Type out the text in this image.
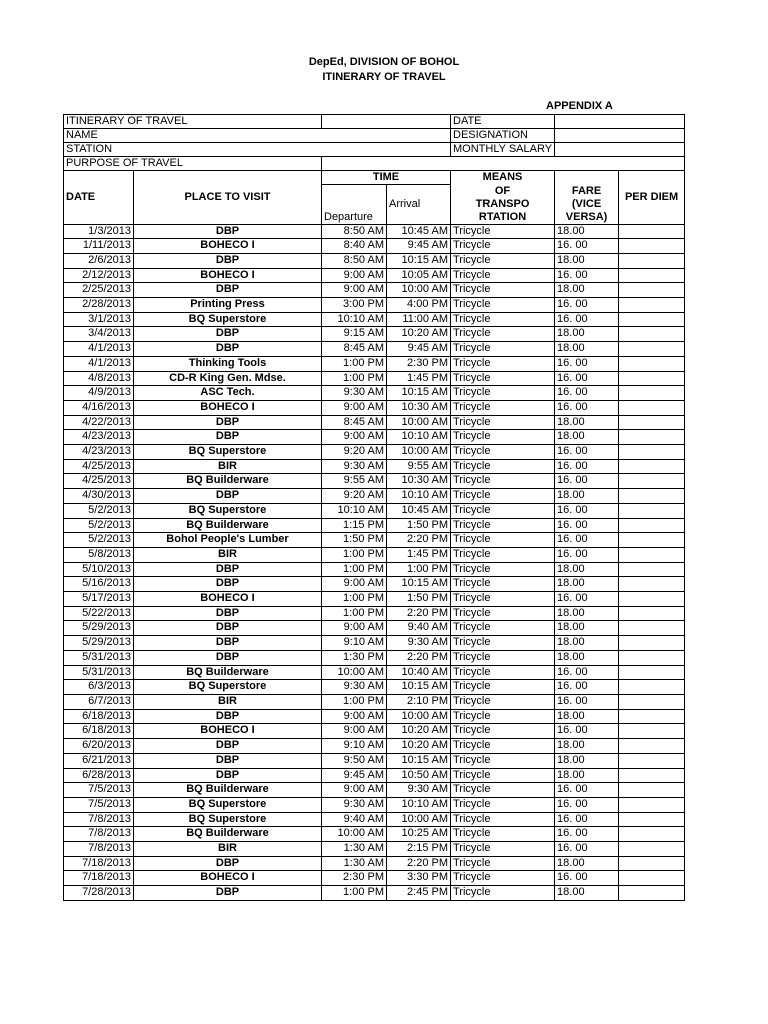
DepEd, DIVISION OF BOHOL
ITINERARY OF TRAVEL
APPENDIX A
ITINERARY OF TRAVEL				DATE		
NAME				DESIGNATION		
STATION				MONTHLY SALARY		
PURPOSE OF TRAVEL						
DATE	PLACE TO VISIT	TIME		MEANS		
		Departure	Arrival	OF	FARE	PER DIEM
				TRANSPO	(VICE	
				RTATION	VERSA)	
1/3/2013	DBP	8:50 AM	10:45 AM	Tricycle	18.00	
1/11/2013	BOHECO I	8:40 AM	9:45 AM	Tricycle	16. 00	
2/6/2013	DBP	8:50 AM	10:15 AM	Tricycle	18.00	
2/12/2013	BOHECO I	9:00 AM	10:05 AM	Tricycle	16. 00	
2/25/2013	DBP	9:00 AM	10:00 AM	Tricycle	18.00	
2/28/2013	Printing Press	3:00 PM	4:00 PM	Tricycle	16. 00	
3/1/2013	BQ Superstore	10:10 AM	11:00 AM	Tricycle	16. 00	
3/4/2013	DBP	9:15 AM	10:20 AM	Tricycle	18.00	
4/1/2013	DBP	8:45 AM	9:45 AM	Tricycle	18.00	
4/1/2013	Thinking Tools	1:00 PM	2:30 PM	Tricycle	16. 00	
4/8/2013	CD-R King Gen. Mdse.	1:00 PM	1:45 PM	Tricycle	16. 00	
4/9/2013	ASC Tech.	9:30 AM	10:15 AM	Tricycle	16. 00	
4/16/2013	BOHECO I	9:00 AM	10:30 AM	Tricycle	16. 00	
4/22/2013	DBP	8:45 AM	10:00 AM	Tricycle	18.00	
4/23/2013	DBP	9:00 AM	10:10 AM	Tricycle	18.00	
4/23/2013	BQ Superstore	9:20 AM	10:00 AM	Tricycle	16. 00	
4/25/2013	BIR	9:30 AM	9:55 AM	Tricycle	16. 00	
4/25/2013	BQ Builderware	9:55 AM	10:30 AM	Tricycle	16. 00	
4/30/2013	DBP	9:20 AM	10:10 AM	Tricycle	18.00	
5/2/2013	BQ Superstore	10:10 AM	10:45 AM	Tricycle	16. 00	
5/2/2013	BQ Builderware	1:15 PM	1:50 PM	Tricycle	16. 00	
5/2/2013	Bohol People's Lumber	1:50 PM	2:20 PM	Tricycle	16. 00	
5/8/2013	BIR	1:00 PM	1:45 PM	Tricycle	16. 00	
5/10/2013	DBP	1:00 PM	1:00 PM	Tricycle	18.00	
5/16/2013	DBP	9:00 AM	10:15 AM	Tricycle	18.00	
5/17/2013	BOHECO I	1:00 PM	1:50 PM	Tricycle	16. 00	
5/22/2013	DBP	1:00 PM	2:20 PM	Tricycle	18.00	
5/29/2013	DBP	9:00 AM	9:40 AM	Tricycle	18.00	
5/29/2013	DBP	9:10 AM	9:30 AM	Tricycle	18.00	
5/31/2013	DBP	1:30 PM	2:20 PM	Tricycle	18.00	
5/31/2013	BQ Builderware	10:00 AM	10:40 AM	Tricycle	16. 00	
6/3/2013	BQ Superstore	9:30 AM	10:15 AM	Tricycle	16. 00	
6/7/2013	BIR	1:00 PM	2:10 PM	Tricycle	16. 00	
6/18/2013	DBP	9:00 AM	10:00 AM	Tricycle	18.00	
6/18/2013	BOHECO I	9:00 AM	10:20 AM	Tricycle	16. 00	
6/20/2013	DBP	9:10 AM	10:20 AM	Tricycle	18.00	
6/21/2013	DBP	9:50 AM	10:15 AM	Tricycle	18.00	
6/28/2013	DBP	9:45 AM	10:50 AM	Tricycle	18.00	
7/5/2013	BQ Builderware	9:00 AM	9:30 AM	Tricycle	16. 00	
7/5/2013	BQ Superstore	9:30 AM	10:10 AM	Tricycle	16. 00	
7/8/2013	BQ Superstore	9:40 AM	10:00 AM	Tricycle	16. 00	
7/8/2013	BQ Builderware	10:00 AM	10:25 AM	Tricycle	16. 00	
7/8/2013	BIR	1:30 AM	2:15 PM	Tricycle	16. 00	
7/18/2013	DBP	1:30 AM	2:20 PM	Tricycle	18.00	
7/18/2013	BOHECO I	2:30 PM	3:30 PM	Tricycle	16. 00	
7/28/2013	DBP	1:00 PM	2:45 PM	Tricycle	18.00	
